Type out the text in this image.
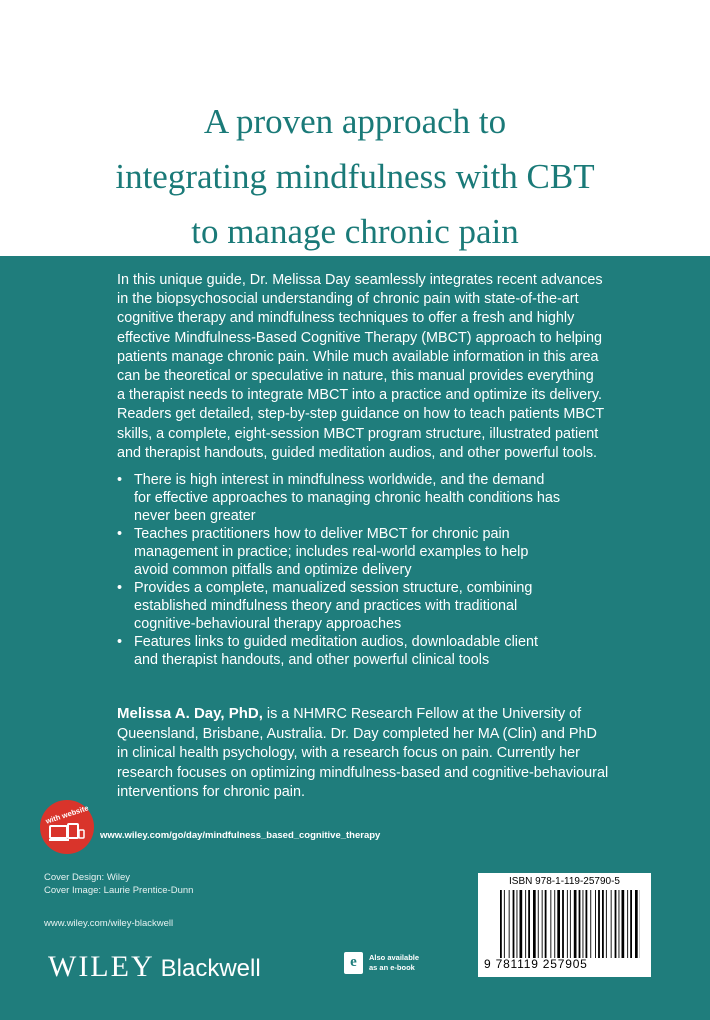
A proven approach to
integrating mindfulness with CBT
to manage chronic pain
In this unique guide, Dr. Melissa Day seamlessly integrates recent advances
in the biopsychosocial understanding of chronic pain with state-of-the-art
cognitive therapy and mindfulness techniques to offer a fresh and highly
effective Mindfulness-Based Cognitive Therapy (MBCT) approach to helping
patients manage chronic pain. While much available information in this area
can be theoretical or speculative in nature, this manual provides everything
a therapist needs to integrate MBCT into a practice and optimize its delivery.
Readers get detailed, step-by-step guidance on how to teach patients MBCT
skills, a complete, eight-session MBCT program structure, illustrated patient
and therapist handouts, guided meditation audios, and other powerful tools.
• There is high interest in mindfulness worldwide, and the demand
for effective approaches to managing chronic health conditions has
never been greater
• Teaches practitioners how to deliver MBCT for chronic pain
management in practice; includes real-world examples to help
avoid common pitfalls and optimize delivery
• Provides a complete, manualized session structure, combining
established mindfulness theory and practices with traditional
cognitive-behavioural therapy approaches
• Features links to guided meditation audios, downloadable client
and therapist handouts, and other powerful clinical tools
Melissa A. Day, PhD, is a NHMRC Research Fellow at the University of
Queensland, Brisbane, Australia. Dr. Day completed her MA (Clin) and PhD
in clinical health psychology, with a research focus on pain. Currently her
research focuses on optimizing mindfulness-based and cognitive-behavioural
interventions for chronic pain.
with website
www.wiley.com/go/day/mindfulness_based_cognitive_therapy
Cover Design: Wiley
Cover Image: Laurie Prentice-Dunn
www.wiley.com/wiley-blackwell
WILEY Blackwell	e	Also available
as an e-book
ISBN 978-1-119-25790-5
9 781119 257905
